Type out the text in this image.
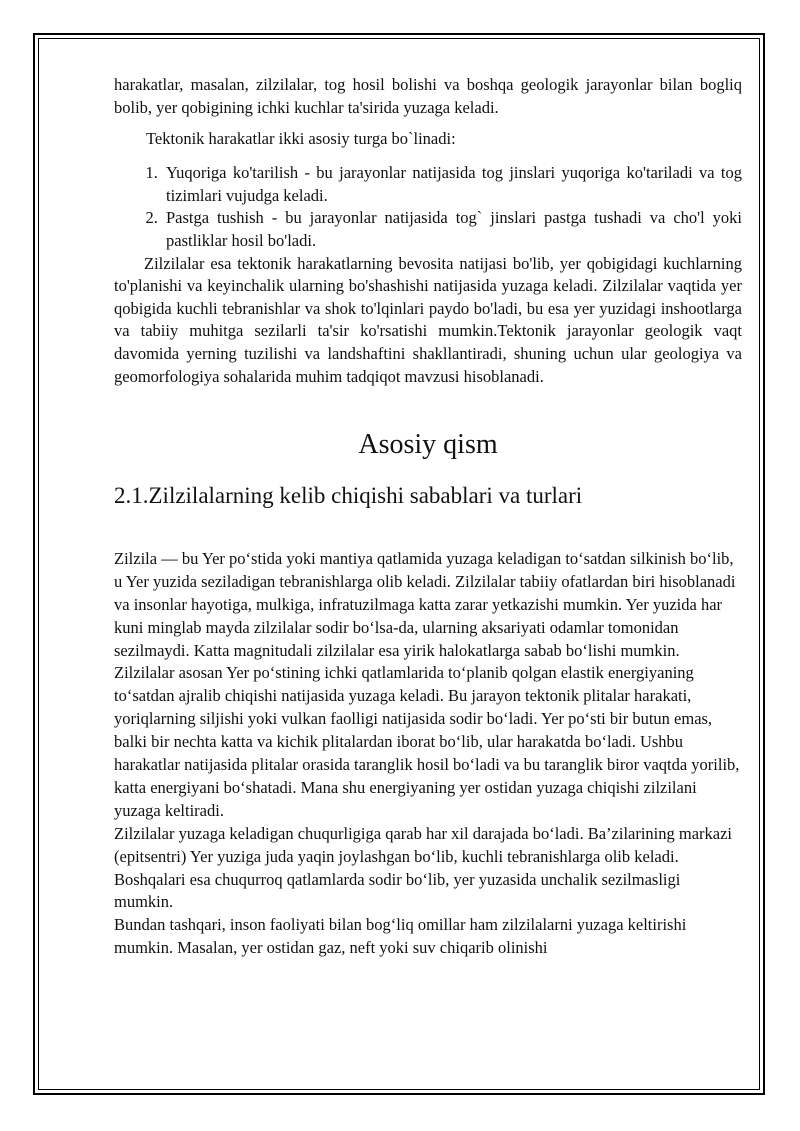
harakatlar, masalan, zilzilalar, tog hosil bolishi va boshqa geologik jarayonlar bilan bogliq bolib, yer qobigining ichki kuchlar ta'sirida yuzaga keladi.

Tektonik harakatlar ikki asosiy turga bo`linadi:

1. Yuqoriga ko'tarilish - bu jarayonlar natijasida tog jinslari yuqoriga ko'tariladi va tog tizimlari vujudga keladi.
2. Pastga tushish - bu jarayonlar natijasida tog` jinslari pastga tushadi va cho'l yoki pastliklar hosil bo'ladi.

Zilzilalar esa tektonik harakatlarning bevosita natijasi bo'lib, yer qobigidagi kuchlarning to'planishi va keyinchalik ularning bo'shashishi natijasida yuzaga keladi. Zilzilalar vaqtida yer qobigida kuchli tebranishlar va shok to'lqinlari paydo bo'ladi, bu esa yer yuzidagi inshootlarga va tabiiy muhitga sezilarli ta'sir ko'rsatishi mumkin.Tektonik jarayonlar geologik vaqt davomida yerning tuzilishi va landshaftini shakllantiradi, shuning uchun ular geologiya va geomorfologiya sohalarida muhim tadqiqot mavzusi hisoblanadi.

Asosiy qism
2.1.Zilzilalarning kelib chiqishi sabablari va turlari

Zilzila — bu Yer po‘stida yoki mantiya qatlamida yuzaga keladigan to‘satdan silkinish bo‘lib, u Yer yuzida seziladigan tebranishlarga olib keladi. Zilzilalar tabiiy ofatlardan biri hisoblanadi va insonlar hayotiga, mulkiga, infratuzilmaga katta zarar yetkazishi mumkin. Yer yuzida har kuni minglab mayda zilzilalar sodir bo‘lsa-da, ularning aksariyati odamlar tomonidan sezilmaydi. Katta magnitudali zilzilalar esa yirik halokatlarga sabab bo‘lishi mumkin.

Zilzilalar asosan Yer po‘stining ichki qatlamlarida to‘planib qolgan elastik energiyaning to‘satdan ajralib chiqishi natijasida yuzaga keladi. Bu jarayon tektonik plitalar harakati, yoriqlarning siljishi yoki vulkan faolligi natijasida sodir bo‘ladi. Yer po‘sti bir butun emas, balki bir nechta katta va kichik plitalardan iborat bo‘lib, ular harakatda bo‘ladi. Ushbu harakatlar natijasida plitalar orasida taranglik hosil bo‘ladi va bu taranglik biror vaqtda yorilib, katta energiyani bo‘shatadi. Mana shu energiyaning yer ostidan yuzaga chiqishi zilzilani yuzaga keltiradi.

Zilzilalar yuzaga keladigan chuqurligiga qarab har xil darajada bo‘ladi. Ba’zilarining markazi (epitsentri) Yer yuziga juda yaqin joylashgan bo‘lib, kuchli tebranishlarga olib keladi. Boshqalari esa chuqurroq qatlamlarda sodir bo‘lib, yer yuzasida unchalik sezilmasligi mumkin.

Bundan tashqari, inson faoliyati bilan bog‘liq omillar ham zilzilalarni yuzaga keltirishi mumkin. Masalan, yer ostidan gaz, neft yoki suv chiqarib olinishi
